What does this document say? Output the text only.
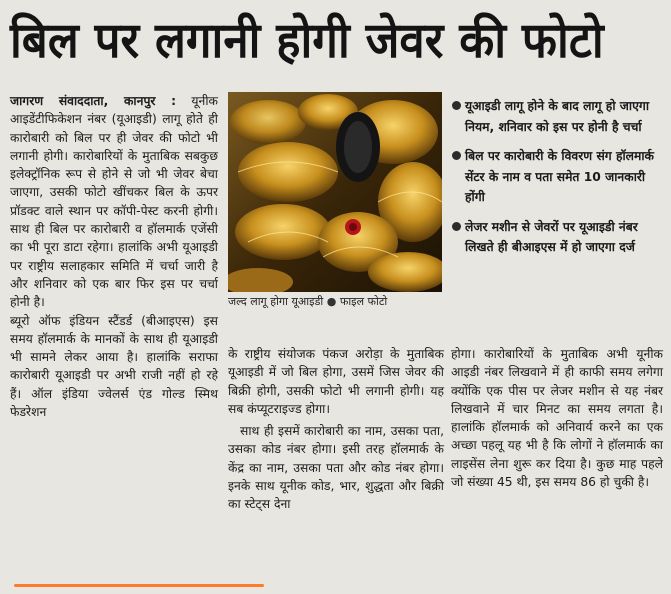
बिल पर लगानी होगी जेवर की फोटो

जागरण संवाददाता, कानपुर : यूनीक आइडेंटीफिकेशन नंबर (यूआइडी) लागू होते ही कारोबारी को बिल पर ही जेवर की फोटो भी लगानी होगी। कारोबारियों के मुताबिक सबकुछ इलेक्ट्रॉनिक रूप से होने से जो भी जेवर बेचा जाएगा, उसकी फोटो खींचकर बिल के ऊपर प्रॉडक्ट वाले स्थान पर कॉपी-पेस्ट करनी होगी। साथ ही बिल पर कारोबारी व हॉलमार्क एजेंसी का भी पूरा डाटा रहेगा। हालांकि अभी यूआइडी पर राष्ट्रीय सलाहकार समिति में चर्चा जारी है और शनिवार को एक बार फिर इस पर चर्चा होनी है।

ब्यूरो ऑफ इंडियन स्टैंडर्ड (बीआइएस) इस समय हॉलमार्क के मानकों के साथ ही यूआइडी भी सामने लेकर आया है। हालांकि सराफा कारोबारी यूआइडी पर अभी राजी नहीं हो रहे हैं। ऑल इंडिया ज्वेलर्स एंड गोल्ड स्मिथ फेडरेशन

जल्द लागू होगा यूआइडी ● फाइल फोटो
यूआइडी लागू होने के बाद लागू हो जाएगा नियम, शनिवार को इस पर होनी है चर्चा
बिल पर कारोबारी के विवरण संग हॉलमार्क सेंटर के नाम व पता समेत 10 जानकारी होंगी
लेजर मशीन से जेवरों पर यूआइडी नंबर लिखते ही बीआइएस में हो जाएगा दर्ज

के राष्ट्रीय संयोजक पंकज अरोड़ा के मुताबिक यूआइडी में जो बिल होगा, उसमें जिस जेवर की बिक्री होगी, उसकी फोटो भी लगानी होगी। यह सब कंप्यूटराइज्ड होगा।

साथ ही इसमें कारोबारी का नाम, उसका पता, उसका कोड नंबर होगा। इसी तरह हॉलमार्क के केंद्र का नाम, उसका पता और कोड नंबर होगा। इनके साथ यूनीक कोड, भार, शुद्धता और बिक्री का स्टेट्स देना

होगा। कारोबारियों के मुताबिक अभी यूनीक आइडी नंबर लिखवाने में ही काफी समय लगेगा क्योंकि एक पीस पर लेजर मशीन से यह नंबर लिखवाने में चार मिनट का समय लगता है। हालांकि हॉलमार्क को अनिवार्य करने का एक अच्छा पहलू यह भी है कि लोगों ने हॉलमार्क का लाइसेंस लेना शुरू कर दिया है। कुछ माह पहले जो संख्या 45 थी, इस समय 86 हो चुकी है।
